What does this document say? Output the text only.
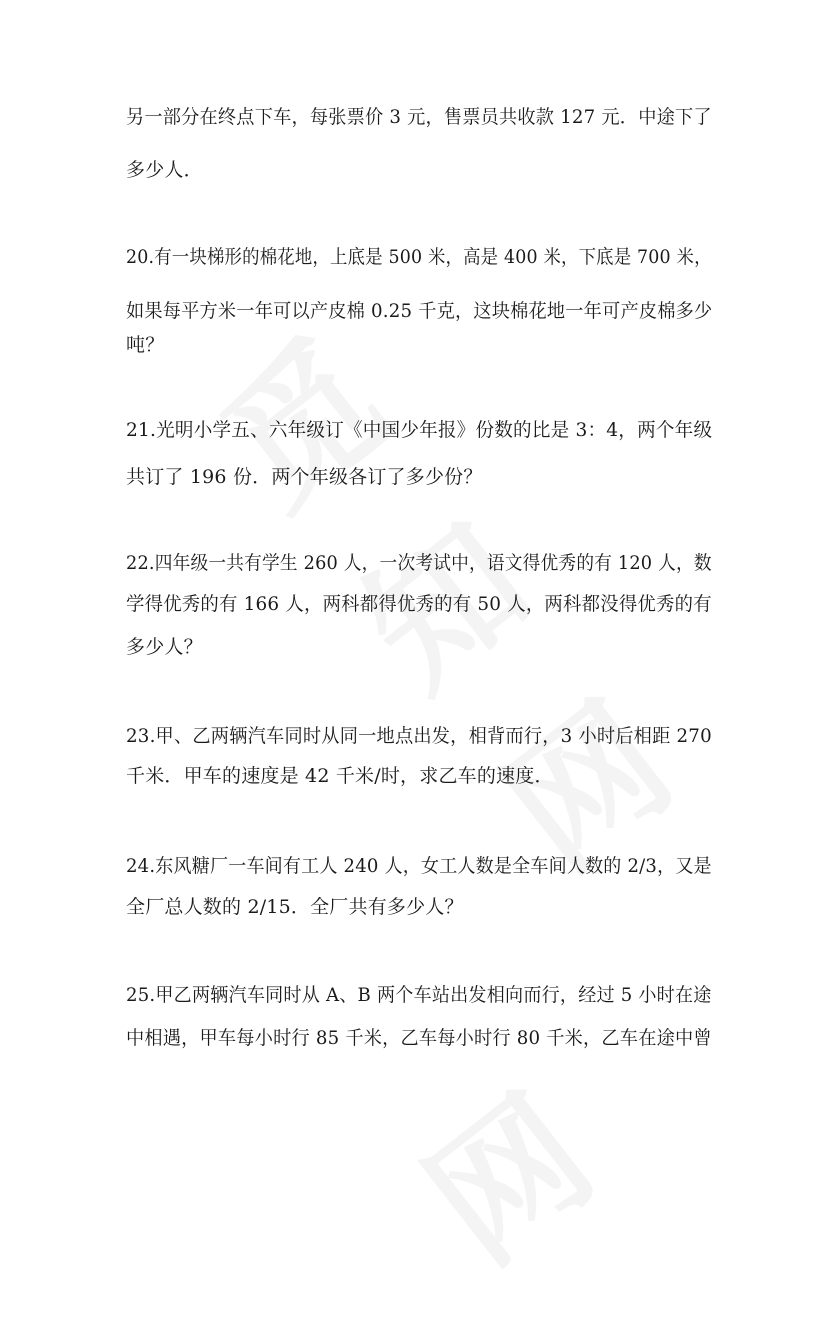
另一部分在终点下车，每张票价 3 元，售票员共收款 127 元．中途下了
多少人．
20.有一块梯形的棉花地，上底是 500 米，高是 400 米，下底是 700 米，
如果每平方米一年可以产皮棉 0.25 千克，这块棉花地一年可产皮棉多少
吨？
21.光明小学五、六年级订《中国少年报》份数的比是 3：4，两个年级
共订了 196 份．两个年级各订了多少份？
22.四年级一共有学生 260 人，一次考试中，语文得优秀的有 120 人，数
学得优秀的有 166 人，两科都得优秀的有 50 人，两科都没得优秀的有
多少人？
23.甲、乙两辆汽车同时从同一地点出发，相背而行，3 小时后相距 270
千米．甲车的速度是 42 千米/时，求乙车的速度．
24.东风糖厂一车间有工人 240 人，女工人数是全车间人数的 2/3，又是
全厂总人数的 2/15．全厂共有多少人？
25.甲乙两辆汽车同时从 A、B 两个车站出发相向而行，经过 5 小时在途
中相遇，甲车每小时行 85 千米，乙车每小时行 80 千米，乙车在途中曾
